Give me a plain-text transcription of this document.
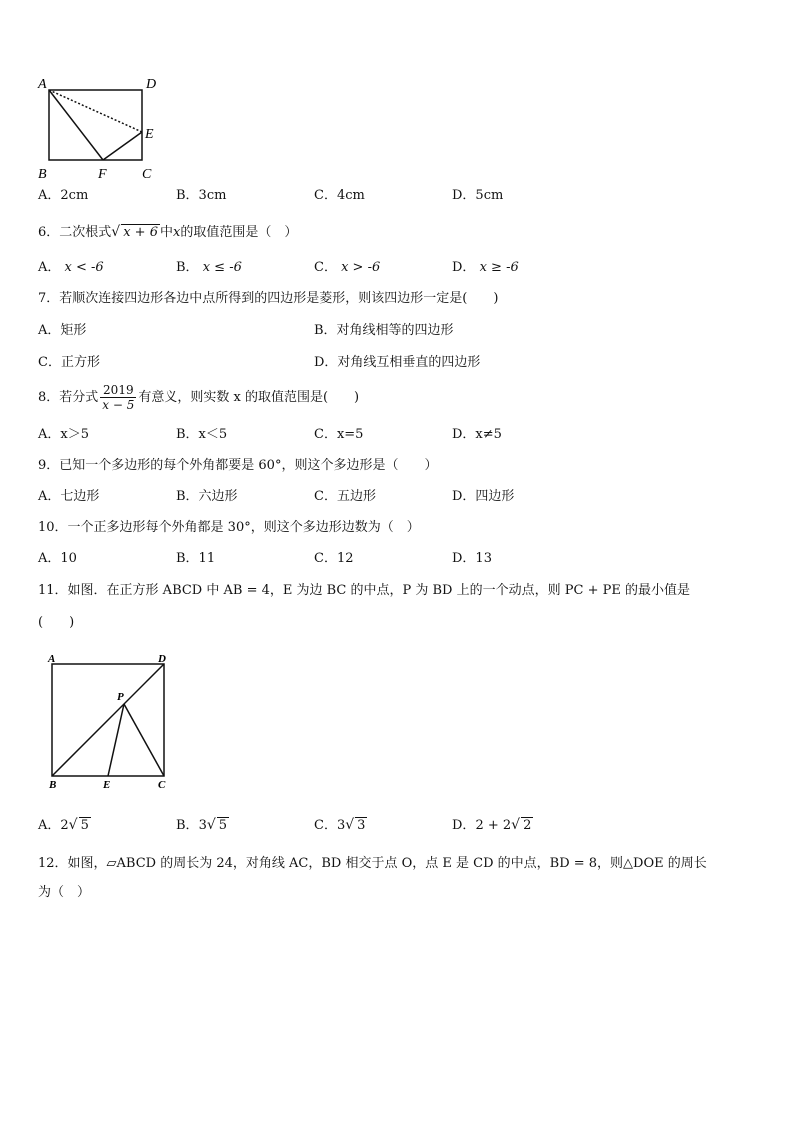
A	D
E
B	F	C
A．2cm	B．3cm	C．4cm	D．5cm
6．二次根式√ x + 6 中x的取值范围是（　）
A． x < -6	B． x ≤ -6	C． x > -6	D． x ≥ -6
7．若顺次连接四边形各边中点所得到的四边形是菱形，则该四边形一定是(　　)
A．矩形	B．对角线相等的四边形
C．正方形	D．对角线互相垂直的四边形
8．若分式 $\frac{2019}{x - 5}$ 有意义，则实数 x 的取值范围是(　　)
A．x＞5	B．x＜5	C．x=5	D．x≠5
9．已知一个多边形的每个外角都要是 60°，则这个多边形是（　　）
A．七边形	B．六边形	C．五边形	D．四边形
10．一个正多边形每个外角都是 30°，则这个多边形边数为（　）
A．10	B．11	C．12	D．13
11．如图．在正方形 ABCD 中 AB = 4，E 为边 BC 的中点，P 为 BD 上的一个动点，则 PC + PE 的最小值是
(　　)
A	D
P
B	E	C
A．2√ 5	B．3√ 5	C．3√ 3	D．2 + 2√ 2
12．如图，▱ABCD 的周长为 24，对角线 AC，BD 相交于点 O，点 E 是 CD 的中点，BD = 8，则△DOE 的周长
为（　）
